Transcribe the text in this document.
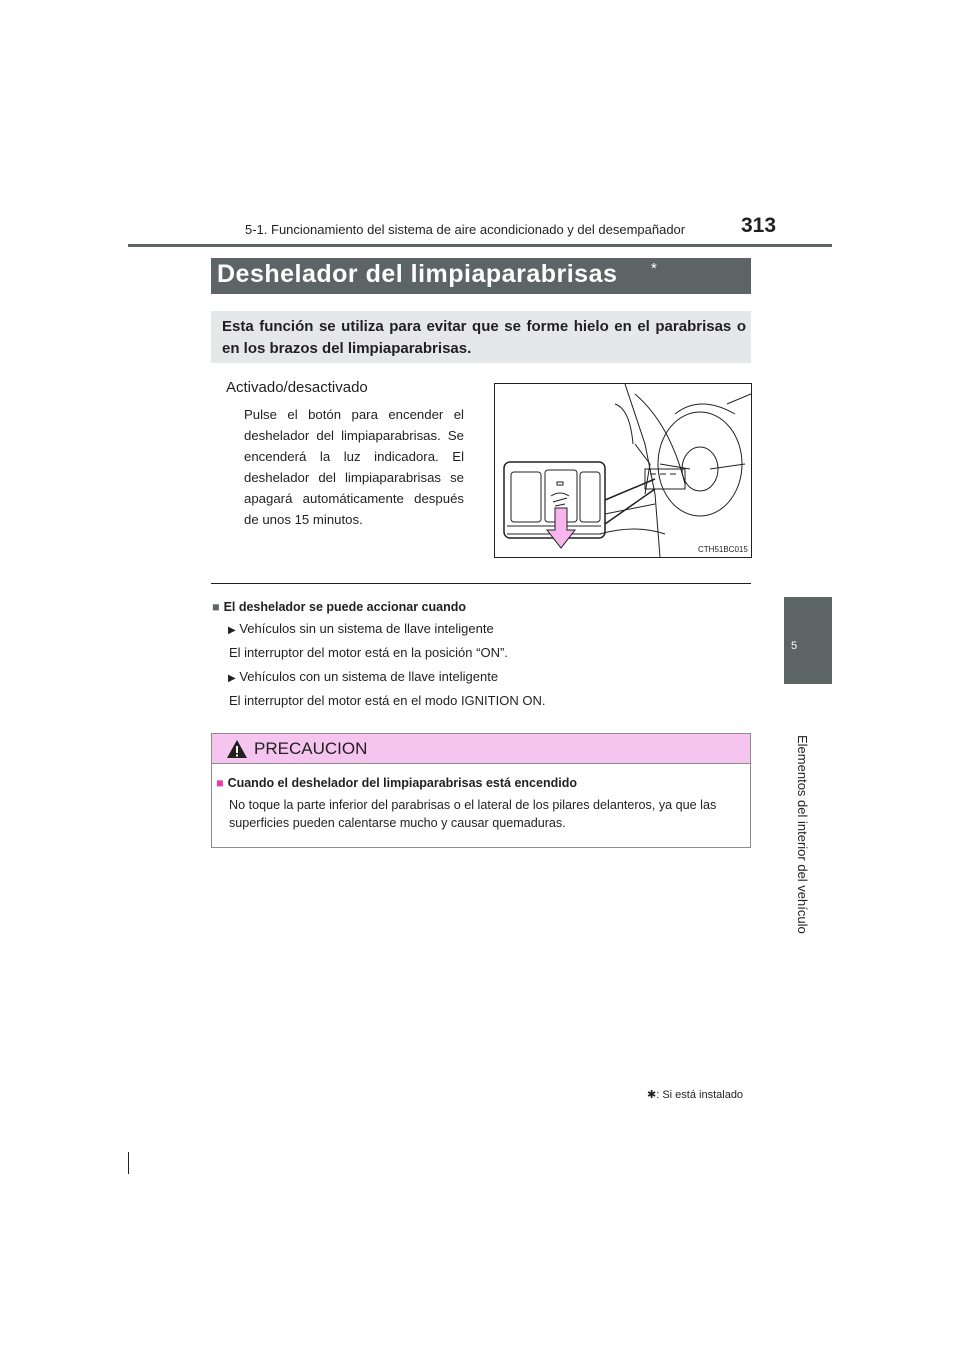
5-1. Funcionamiento del sistema de aire acondicionado y del desempañador	313
5
Elementos del interior del vehículo
Deshelador del limpiaparabrisas *
Esta función se utiliza para evitar que se forme hielo en el parabrisas o en los brazos del limpiaparabrisas.
Activado/desactivado
Pulse el botón para encender el deshelador del limpiaparabrisas. Se encenderá la luz indicadora. El deshelador del limpiaparabrisas se apagará automáticamente después de unos 15 minutos.
CTH51BC015
■ El deshelador se puede accionar cuando
▶ Vehículos sin un sistema de llave inteligente
El interruptor del motor está en la posición “ON”.
▶ Vehículos con un sistema de llave inteligente
El interruptor del motor está en el modo IGNITION ON.
PRECAUCION
■ Cuando el deshelador del limpiaparabrisas está encendido
No toque la parte inferior del parabrisas o el lateral de los pilares delanteros, ya que las superficies pueden calentarse mucho y causar quemaduras.
✱: Si está instalado
